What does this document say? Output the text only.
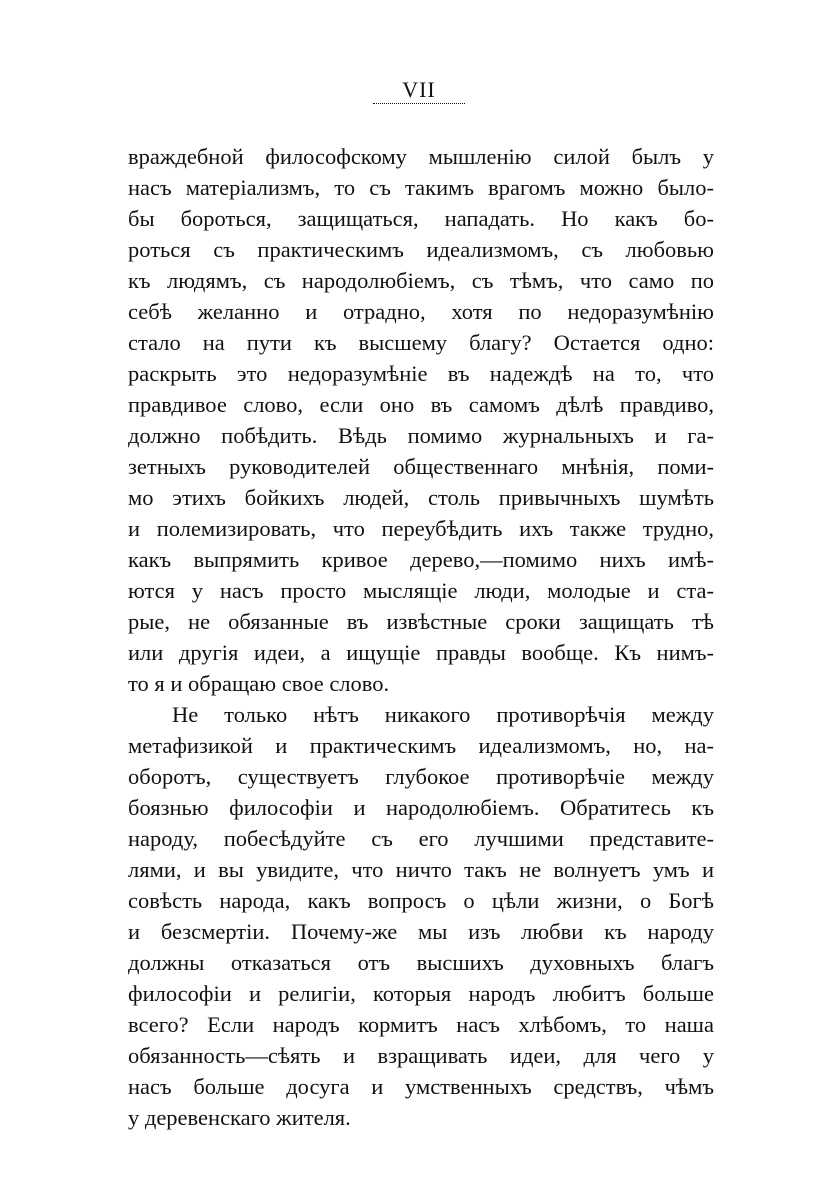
VII
враждебной философскому мышленію силой былъ у
насъ матеріализмъ, то съ такимъ врагомъ можно было-
бы бороться, защищаться, нападать. Но какъ бо-
роться съ практическимъ идеализмомъ, съ любовью
къ людямъ, съ народолюбіемъ, съ тѣмъ, что само по
себѣ желанно и отрадно, хотя по недоразумѣнію
стало на пути къ высшему благу? Остается одно:
раскрыть это недоразумѣніе въ надеждѣ на то, что
правдивое слово, если оно въ самомъ дѣлѣ правдиво,
должно побѣдить. Вѣдь помимо журнальныхъ и га-
зетныхъ руководителей общественнаго мнѣнія, поми-
мо этихъ бойкихъ людей, столь привычныхъ шумѣть
и полемизировать, что переубѣдить ихъ также трудно,
какъ выпрямить кривое дерево,—помимо нихъ имѣ-
ются у насъ просто мыслящіе люди, молодые и ста-
рые, не обязанные въ извѣстные сроки защищать тѣ
или другія идеи, а ищущіе правды вообще. Къ нимъ-
то я и обращаю свое слово.
Не только нѣтъ никакого противорѣчія между
метафизикой и практическимъ идеализмомъ, но, на-
оборотъ, существуетъ глубокое противорѣчіе между
боязнью философіи и народолюбіемъ. Обратитесь къ
народу, побесѣдуйте съ его лучшими представите-
лями, и вы увидите, что ничто такъ не волнуетъ умъ и
совѣсть народа, какъ вопросъ о цѣли жизни, о Богѣ
и безсмертіи. Почему-же мы изъ любви къ народу
должны отказаться отъ высшихъ духовныхъ благъ
философіи и религіи, которыя народъ любитъ больше
всего? Если народъ кормитъ насъ хлѣбомъ, то наша
обязанность—сѣять и взращивать идеи, для чего у
насъ больше досуга и умственныхъ средствъ, чѣмъ
у деревенскаго жителя.
